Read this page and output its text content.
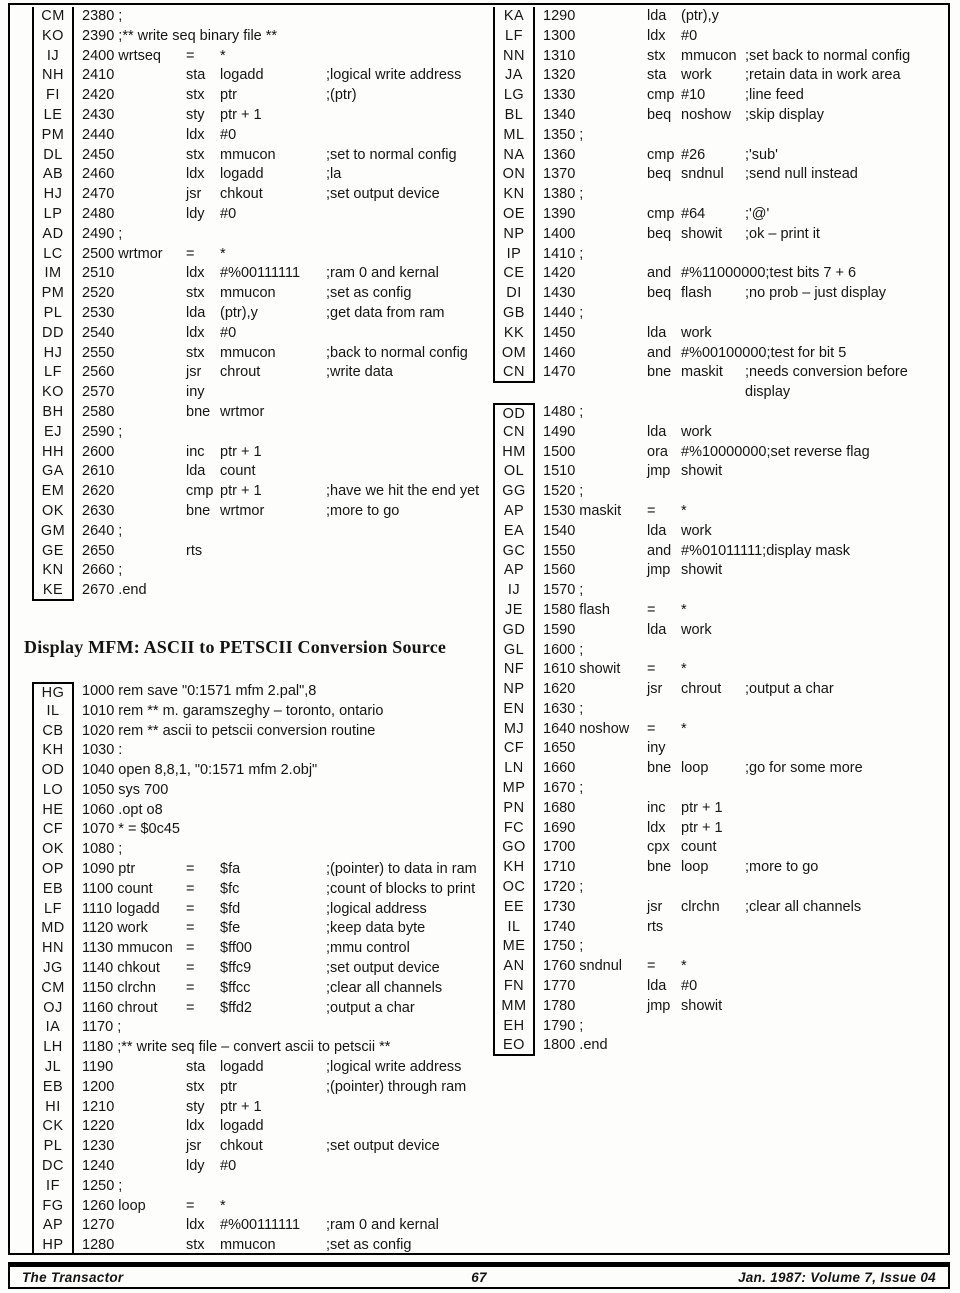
CM	2380 ;
KO	2390 ;** write seq binary file **
IJ	2400 wrtseq = *
NH	2410	sta logadd	;logical write address
FI	2420	stx ptr	;(ptr)
LE	2430	sty ptr + 1
PM	2440	ldx #0
DL	2450	stx mmucon	;set to normal config
AB	2460	ldx logadd	;la
HJ	2470	jsr chkout	;set output device
LP	2480	ldy #0
AD	2490 ;
LC	2500 wrtmor = *
IM	2510	ldx #%00111111 ;ram 0 and kernal
PM	2520	stx mmucon	;set as config
PL	2530	lda (ptr),y	;get data from ram
DD	2540	ldx #0
HJ	2550	stx mmucon	;back to normal config
LF	2560	jsr chrout	;write data
KO	2570	iny
BH	2580	bne wrtmor
EJ	2590 ;
HH	2600	inc ptr + 1
GA	2610	lda count
EM	2620	cmp ptr + 1	;have we hit the end yet
OK	2630	bne wrtmor	;more to go
GM	2640 ;
GE	2650	rts
KN	2660 ;
KE	2670 .end
Display MFM: ASCII to PETSCII Conversion Source
HG	1000 rem save "0:1571 mfm 2.pal",8
IL	1010 rem ** m. garamszeghy – toronto, ontario
CB	1020 rem ** ascii to petscii conversion routine
KH	1030 :
OD	1040 open 8,8,1, "0:1571 mfm 2.obj"
LO	1050 sys 700
HE	1060 .opt o8
CF	1070 * = $0c45
OK	1080 ;
OP	1090 ptr	= $fa	;(pointer) to data in ram
EB	1100 count = $fc	;count of blocks to print
LF	1110 logadd = $fd	;logical address
MD	1120 work	= $fe	;keep data byte
HN	1130 mmucon = $ff00	;mmu control
JG	1140 chkout = $ffc9	;set output device
CM	1150 clrchn = $ffcc	;clear all channels
OJ	1160 chrout = $ffd2	;output a char
IA	1170 ;
LH	1180 ;** write seq file – convert ascii to petscii **
JL	1190	sta logadd	;logical write address
EB	1200	stx ptr	;(pointer) through ram
HI	1210	sty ptr + 1
CK	1220	ldx logadd
PL	1230	jsr chkout	;set output device
DC	1240	ldy #0
IF	1250 ;
FG	1260 loop	= *
AP	1270	ldx #%00111111 ;ram 0 and kernal
HP	1280	stx mmucon	;set as config
KA	1290	lda (ptr),y
LF	1300	ldx #0
NN	1310	stx mmucon ;set back to normal config
JA	1320	sta work ;retain data in work area
LG	1330	cmp #10	;line feed
BL	1340	beq noshow ;skip display
ML	1350 ;
NA	1360	cmp #26	;'sub'
ON	1370	beq sndnul ;send null instead
KN	1380 ;
OE	1390	cmp #64	;'@'
NP	1400	beq showit ;ok – print it
IP	1410 ;
CE	1420	and #%11000000;test bits 7 + 6
DI	1430	beq flash ;no prob – just display
GB	1440 ;
KK	1450	lda work
OM	1460	and #%00100000;test for bit 5
CN	1470	bne maskit ;needs conversion before
display
OD	1480 ;
CN	1490	lda work
HM	1500	ora #%10000000;set reverse flag
OL	1510	jmp showit
GG	1520 ;
AP	1530 maskit = *
EA	1540	lda work
GC	1550	and #%01011111;display mask
AP	1560	jmp showit
IJ	1570 ;
JE	1580 flash	= *
GD	1590	lda work
GL	1600 ;
NF	1610 showit = *
NP	1620	jsr chrout ;output a char
EN	1630 ;
MJ	1640 noshow = *
CF	1650	iny
LN	1660	bne loop	;go for some more
MP	1670 ;
PN	1680	inc ptr + 1
FC	1690	ldx ptr + 1
GO	1700	cpx count
KH	1710	bne loop	;more to go
OC	1720 ;
EE	1730	jsr clrchn ;clear all channels
IL	1740	rts
ME	1750 ;
AN	1760 sndnul = *
FN	1770	lda #0
MM	1780	jmp showit
EH	1790 ;
EO	1800 .end
The Transactor	67	Jan. 1987: Volume 7, Issue 04
